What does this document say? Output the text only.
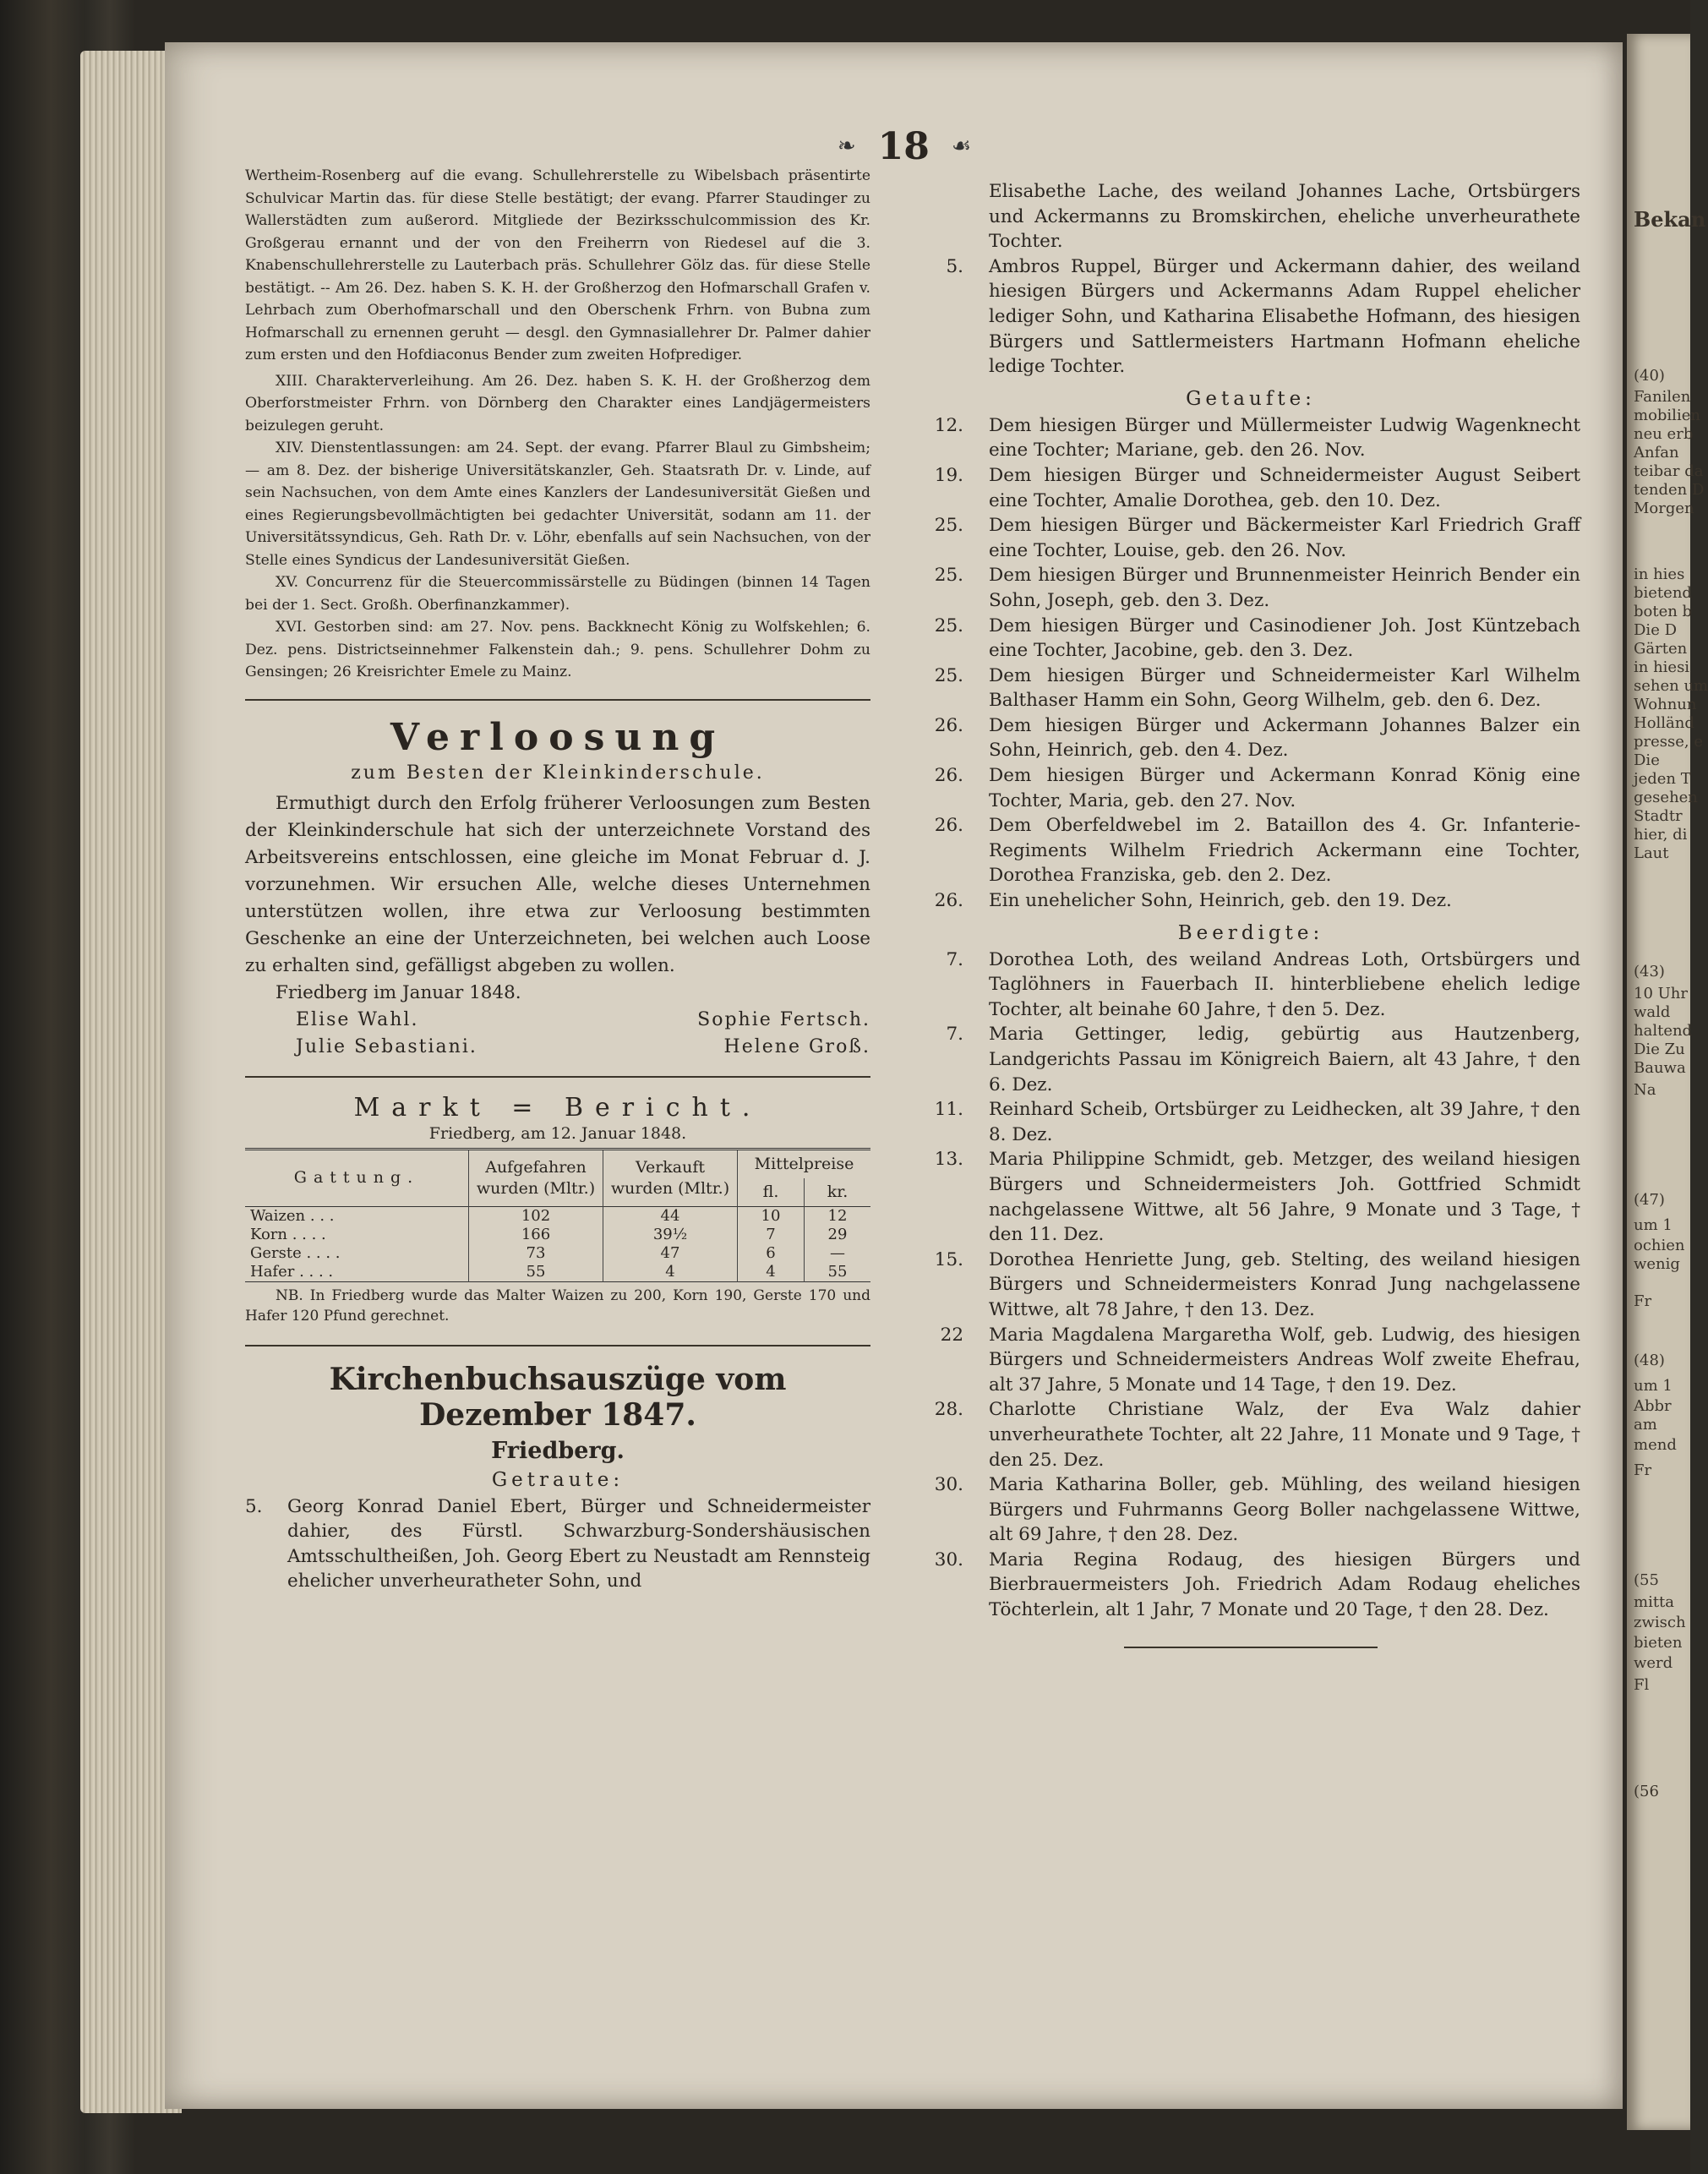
Bekan
(40)
Fanilen
mobilien
neu erb
Anfan
teibar da
tenden D
Morgen
in hies
bietend
boten b
Die D
Gärten
in hiesi
sehen um
Wohnun
Holländ
presse, e
Die
jeden T
gesehen
Stadtr
hier, di
Laut
(43)
10 Uhr
wald
haltend
Die Zu
Bauwa
Na
(47)
um 1
ochien
wenig
Fr
(48)
um 1
Abbr
am
mend
Fr
(55
mitta
zwisch
bieten
werd
Fl
(56
❧ 18 ☙

Wertheim-Rosenberg auf die evang. Schullehrerstelle zu Wibelsbach präsentirte Schulvicar Martin das. für diese Stelle bestätigt; der evang. Pfarrer Staudinger zu Wallerstädten zum außerord. Mitgliede der Bezirksschulcommission des Kr. Großgerau ernannt und der von den Freiherrn von Riedesel auf die 3. Knabenschullehrerstelle zu Lauterbach präs. Schullehrer Gölz das. für diese Stelle bestätigt. -- Am 26. Dez. haben S. K. H. der Großherzog den Hofmarschall Grafen v. Lehrbach zum Oberhofmarschall und den Oberschenk Frhrn. von Bubna zum Hofmarschall zu ernennen geruht — desgl. den Gymnasiallehrer Dr. Palmer dahier zum ersten und den Hofdiaconus Bender zum zweiten Hofprediger.

XIII. Charakterverleihung. Am 26. Dez. haben S. K. H. der Großherzog dem Oberforstmeister Frhrn. von Dörnberg den Charakter eines Landjägermeisters beizulegen geruht.

XIV. Dienstentlassungen: am 24. Sept. der evang. Pfarrer Blaul zu Gimbsheim; — am 8. Dez. der bisherige Universitätskanzler, Geh. Staatsrath Dr. v. Linde, auf sein Nachsuchen, von dem Amte eines Kanzlers der Landesuniversität Gießen und eines Regierungsbevollmächtigten bei gedachter Universität, sodann am 11. der Universitätssyndicus, Geh. Rath Dr. v. Löhr, ebenfalls auf sein Nachsuchen, von der Stelle eines Syndicus der Landesuniversität Gießen.

XV. Concurrenz für die Steuercommissärstelle zu Büdingen (binnen 14 Tagen bei der 1. Sect. Großh. Oberfinanzkammer).

XVI. Gestorben sind: am 27. Nov. pens. Backknecht König zu Wolfskehlen; 6. Dez. pens. Districtseinnehmer Falkenstein dah.; 9. pens. Schullehrer Dohm zu Gensingen; 26 Kreisrichter Emele zu Mainz.

Verloosung
zum Besten der Kleinkinderschule.

Ermuthigt durch den Erfolg früherer Verloosungen zum Besten der Kleinkinderschule hat sich der unterzeichnete Vorstand des Arbeitsvereins entschlossen, eine gleiche im Monat Februar d. J. vorzunehmen. Wir ersuchen Alle, welche dieses Unternehmen unterstützen wollen, ihre etwa zur Verloosung bestimmten Geschenke an eine der Unterzeichneten, bei welchen auch Loose zu erhalten sind, gefälligst abgeben zu wollen.

Friedberg im Januar 1848.
Elise Wahl.	Sophie Fertsch.
Julie Sebastiani.	Helene Groß.
Markt = Bericht.
Friedberg, am 12. Januar 1848.
Gattung.	Aufgefahren wurden (Mltr.)	Verkauft wurden (Mltr.)	Mittelpreise	
			fl.	kr.
Waizen . . .	102	44	10	12
Korn . . . .	166	39½	7	29
Gerste . . . .	73	47	6	—
Hafer . . . .	55	4	4	55
NB. In Friedberg wurde das Malter Waizen zu 200, Korn 190, Gerste 170 und Hafer 120 Pfund gerechnet.
Kirchenbuchsauszüge vom Dezember 1847.
Friedberg.
Getraute:
5.	Georg Konrad Daniel Ebert, Bürger und Schneidermeister dahier, des Fürstl. Schwarzburg-Sondershäusischen Amtsschultheißen, Joh. Georg Ebert zu Neustadt am Rennsteig ehelicher unverheuratheter Sohn, und
Elisabethe Lache, des weiland Johannes Lache, Ortsbürgers und Ackermanns zu Bromskirchen, eheliche unverheurathete Tochter.
5.	Ambros Ruppel, Bürger und Ackermann dahier, des weiland hiesigen Bürgers und Ackermanns Adam Ruppel ehelicher lediger Sohn, und Katharina Elisabethe Hofmann, des hiesigen Bürgers und Sattlermeisters Hartmann Hofmann eheliche ledige Tochter.
Getaufte:
12.	Dem hiesigen Bürger und Müllermeister Ludwig Wagenknecht eine Tochter; Mariane, geb. den 26. Nov.
19.	Dem hiesigen Bürger und Schneidermeister August Seibert eine Tochter, Amalie Dorothea, geb. den 10. Dez.
25.	Dem hiesigen Bürger und Bäckermeister Karl Friedrich Graff eine Tochter, Louise, geb. den 26. Nov.
25.	Dem hiesigen Bürger und Brunnenmeister Heinrich Bender ein Sohn, Joseph, geb. den 3. Dez.
25.	Dem hiesigen Bürger und Casinodiener Joh. Jost Küntzebach eine Tochter, Jacobine, geb. den 3. Dez.
25.	Dem hiesigen Bürger und Schneidermeister Karl Wilhelm Balthaser Hamm ein Sohn, Georg Wilhelm, geb. den 6. Dez.
26.	Dem hiesigen Bürger und Ackermann Johannes Balzer ein Sohn, Heinrich, geb. den 4. Dez.
26.	Dem hiesigen Bürger und Ackermann Konrad König eine Tochter, Maria, geb. den 27. Nov.
26.	Dem Oberfeldwebel im 2. Bataillon des 4. Gr. Infanterie-Regiments Wilhelm Friedrich Ackermann eine Tochter, Dorothea Franziska, geb. den 2. Dez.
26.	Ein unehelicher Sohn, Heinrich, geb. den 19. Dez.
Beerdigte:
7.	Dorothea Loth, des weiland Andreas Loth, Ortsbürgers und Taglöhners in Fauerbach II. hinterbliebene ehelich ledige Tochter, alt beinahe 60 Jahre, † den 5. Dez.
7.	Maria Gettinger, ledig, gebürtig aus Hautzenberg, Landgerichts Passau im Königreich Baiern, alt 43 Jahre, † den 6. Dez.
11.	Reinhard Scheib, Ortsbürger zu Leidhecken, alt 39 Jahre, † den 8. Dez.
13.	Maria Philippine Schmidt, geb. Metzger, des weiland hiesigen Bürgers und Schneidermeisters Joh. Gottfried Schmidt nachgelassene Wittwe, alt 56 Jahre, 9 Monate und 3 Tage, † den 11. Dez.
15.	Dorothea Henriette Jung, geb. Stelting, des weiland hiesigen Bürgers und Schneidermeisters Konrad Jung nachgelassene Wittwe, alt 78 Jahre, † den 13. Dez.
22	Maria Magdalena Margaretha Wolf, geb. Ludwig, des hiesigen Bürgers und Schneidermeisters Andreas Wolf zweite Ehefrau, alt 37 Jahre, 5 Monate und 14 Tage, † den 19. Dez.
28.	Charlotte Christiane Walz, der Eva Walz dahier unverheurathete Tochter, alt 22 Jahre, 11 Monate und 9 Tage, † den 25. Dez.
30.	Maria Katharina Boller, geb. Mühling, des weiland hiesigen Bürgers und Fuhrmanns Georg Boller nachgelassene Wittwe, alt 69 Jahre, † den 28. Dez.
30.	Maria Regina Rodaug, des hiesigen Bürgers und Bierbrauermeisters Joh. Friedrich Adam Rodaug eheliches Töchterlein, alt 1 Jahr, 7 Monate und 20 Tage, † den 28. Dez.
